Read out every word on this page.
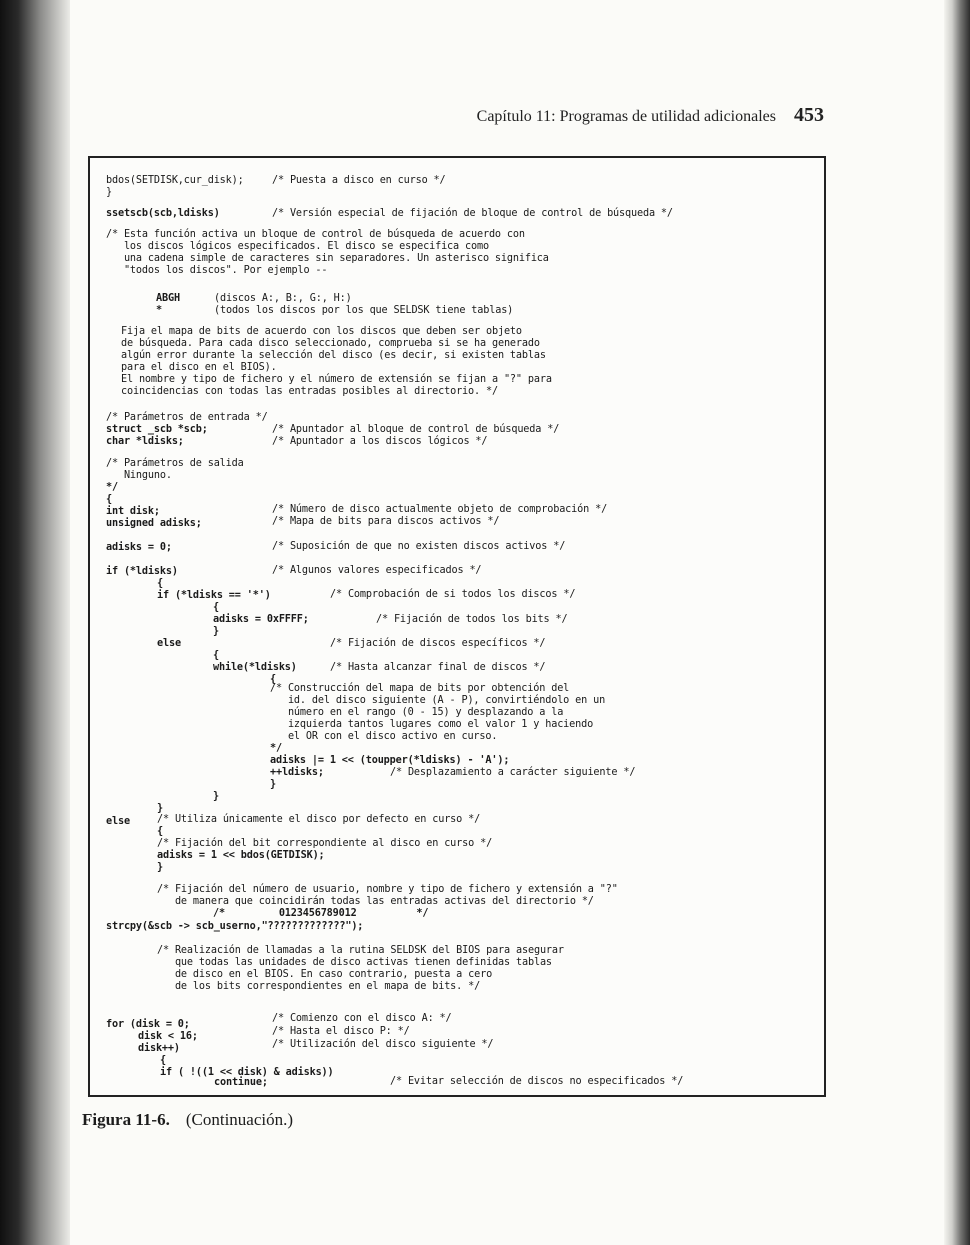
Capítulo 11: Programas de utilidad adicionales 453
bdos(SETDISK,cur_disk);	/* Puesta a disco en curso */
}
ssetscb(scb,ldisks)	/* Versión especial de fijación de bloque de control de búsqueda */
/* Esta función activa un bloque de control de búsqueda de acuerdo con
los discos lógicos especificados. El disco se especifica como
una cadena simple de caracteres sin separadores. Un asterisco significa
"todos los discos". Por ejemplo --
ABGH	(discos A:, B:, G:, H:)
*	(todos los discos por los que SELDSK tiene tablas)
Fija el mapa de bits de acuerdo con los discos que deben ser objeto
de búsqueda. Para cada disco seleccionado, comprueba si se ha generado
algún error durante la selección del disco (es decir, si existen tablas
para el disco en el BIOS).
El nombre y tipo de fichero y el número de extensión se fijan a "?" para
coincidencias con todas las entradas posibles al directorio. */
/* Parámetros de entrada */
struct _scb *scb;	/* Apuntador al bloque de control de búsqueda */
char *ldisks;	/* Apuntador a los discos lógicos */
/* Parámetros de salida
Ninguno.
*/
{
int disk;	/* Número de disco actualmente objeto de comprobación */
unsigned adisks;	/* Mapa de bits para discos activos */
adisks = 0;	/* Suposición de que no existen discos activos */
if (*ldisks)	/* Algunos valores especificados */
{
if (*ldisks == '*')	/* Comprobación de si todos los discos */
{
adisks = 0xFFFF;	/* Fijación de todos los bits */
}
else	/* Fijación de discos específicos */
{
while(*ldisks)	/* Hasta alcanzar final de discos */
{
/* Construcción del mapa de bits por obtención del
id. del disco siguiente (A - P), convirtiéndolo en un
número en el rango (0 - 15) y desplazando a la
izquierda tantos lugares como el valor 1 y haciendo
el OR con el disco activo en curso.
*/
adisks |= 1 << (toupper(*ldisks) - 'A');
++ldisks;	/* Desplazamiento a carácter siguiente */
}
}
}
else	/* Utiliza únicamente el disco por defecto en curso */
{
/* Fijación del bit correspondiente al disco en curso */
adisks = 1 << bdos(GETDISK);
}
/* Fijación del número de usuario, nombre y tipo de fichero y extensión a "?"
de manera que coincidirán todas las entradas activas del directorio */
/*         0123456789012          */
strcpy(&scb -> scb_userno,"?????????????");
/* Realización de llamadas a la rutina SELDSK del BIOS para asegurar
que todas las unidades de disco activas tienen definidas tablas
de disco en el BIOS. En caso contrario, puesta a cero
de los bits correspondientes en el mapa de bits. */
/* Comienzo con el disco A: */
for (disk = 0;
/* Hasta el disco P: */
disk < 16;
/* Utilización del disco siguiente */
disk++)
{
if ( !((1 << disk) & adisks))
continue;	/* Evitar selección de discos no especificados */
Figura 11-6. (Continuación.)
